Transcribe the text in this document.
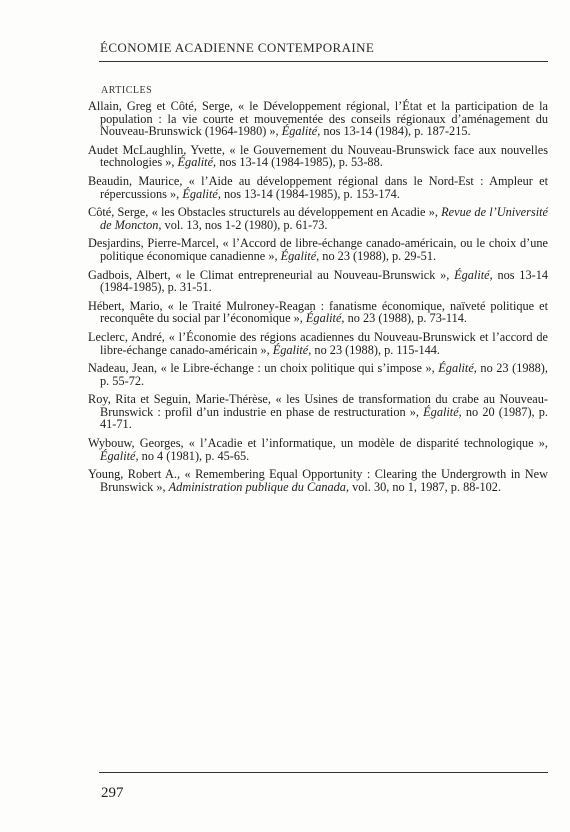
ÉCONOMIE ACADIENNE CONTEMPORAINE
ARTICLES
Allain, Greg et Côté, Serge, « le Développement régional, l’État et la participation de la population : la vie courte et mouvementée des conseils régionaux d’aménagement du Nouveau-Brunswick (1964-1980) », Égalité, nos 13-14 (1984), p. 187-215.
Audet McLaughlin, Yvette, « le Gouvernement du Nouveau-Brunswick face aux nouvelles technologies », Égalité, nos 13-14 (1984-1985), p. 53-88.
Beaudin, Maurice, « l’Aide au développement régional dans le Nord-Est : Ampleur et répercussions », Égalité, nos 13-14 (1984-1985), p. 153-174.
Côté, Serge, « les Obstacles structurels au développement en Acadie », Revue de l’Université de Moncton, vol. 13, nos 1-2 (1980), p. 61-73.
Desjardins, Pierre-Marcel, « l’Accord de libre-échange canado-américain, ou le choix d’une politique économique canadienne », Égalité, no 23 (1988), p. 29-51.
Gadbois, Albert, « le Climat entrepreneurial au Nouveau-Brunswick », Égalité, nos 13-14 (1984-1985), p. 31-51.
Hébert, Mario, « le Traité Mulroney-Reagan : fanatisme économique, naïveté politique et reconquête du social par l’économique », Égalité, no 23 (1988), p. 73-114.
Leclerc, André, « l’Économie des régions acadiennes du Nouveau-Brunswick et l’accord de libre-échange canado-américain », Égalité, no 23 (1988), p. 115-144.
Nadeau, Jean, « le Libre-échange : un choix politique qui s’impose », Égalité, no 23 (1988), p. 55-72.
Roy, Rita et Seguin, Marie-Thérèse, « les Usines de transformation du crabe au Nouveau-Brunswick : profil d’un industrie en phase de restructuration », Égalité, no 20 (1987), p. 41-71.
Wybouw, Georges, « l’Acadie et l’informatique, un modèle de disparité technologique », Égalité, no 4 (1981), p. 45-65.
Young, Robert A., « Remembering Equal Opportunity : Clearing the Undergrowth in New Brunswick », Administration publique du Canada, vol. 30, no 1, 1987, p. 88-102.
297
